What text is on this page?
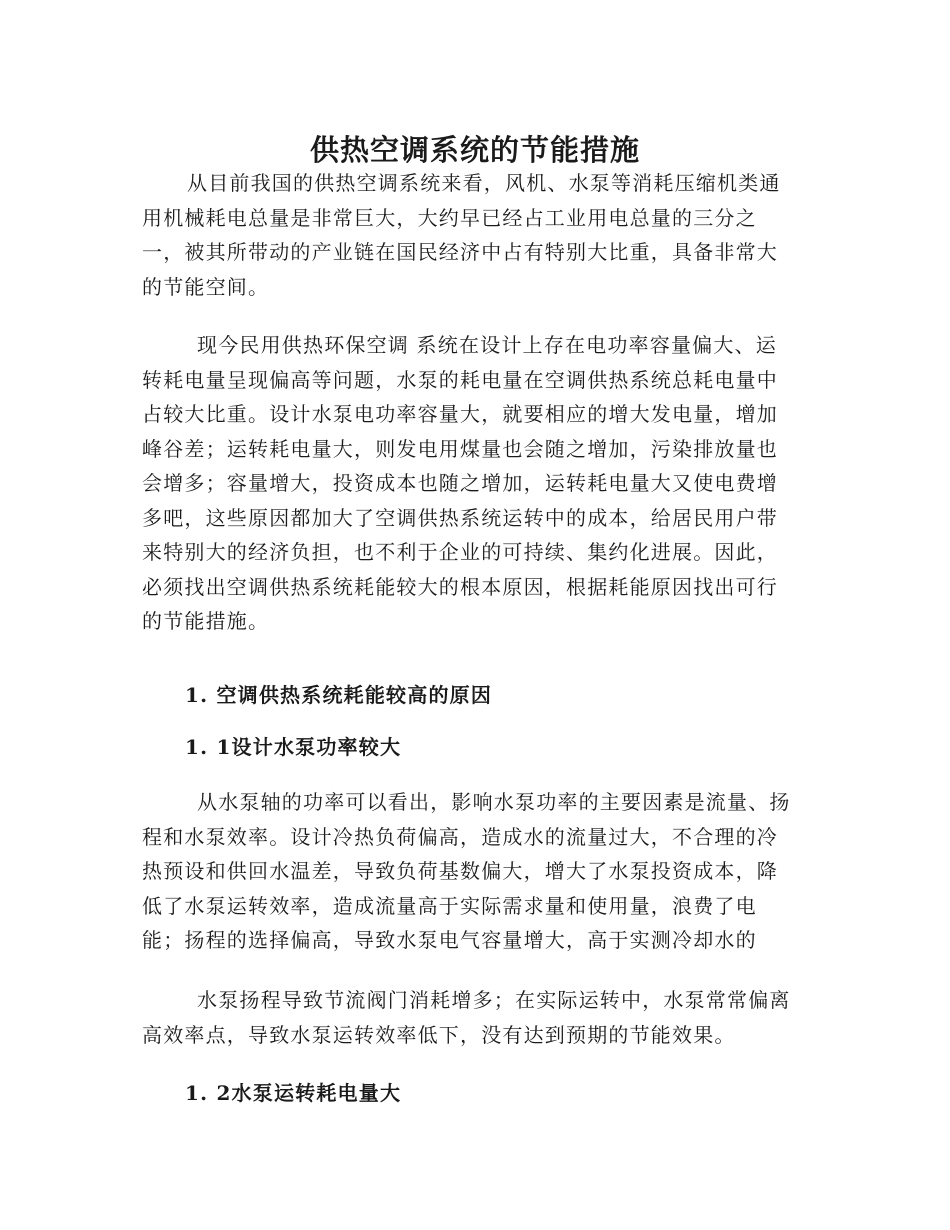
供热空调系统的节能措施

从目前我国的供热空调系统来看，风机、水泵等消耗压缩机类通
用机械耗电总量是非常巨大，大约早已经占工业用电总量的三分之
一，被其所带动的产业链在国民经济中占有特别大比重，具备非常大
的节能空间。

现今民用供热环保空调 系统在设计上存在电功率容量偏大、运
转耗电量呈现偏高等问题，水泵的耗电量在空调供热系统总耗电量中
占较大比重。设计水泵电功率容量大，就要相应的增大发电量，增加
峰谷差；运转耗电量大，则发电用煤量也会随之增加，污染排放量也
会增多；容量增大，投资成本也随之增加，运转耗电量大又使电费增
多吧，这些原因都加大了空调供热系统运转中的成本，给居民用户带
来特别大的经济负担，也不利于企业的可持续、集约化进展。因此，
必须找出空调供热系统耗能较大的根本原因，根据耗能原因找出可行
的节能措施。

1. 空调供热系统耗能较高的原因
1. 1设计水泵功率较大

从水泵轴的功率可以看出，影响水泵功率的主要因素是流量、扬
程和水泵效率。设计冷热负荷偏高，造成水的流量过大，不合理的冷
热预设和供回水温差，导致负荷基数偏大，增大了水泵投资成本，降
低了水泵运转效率，造成流量高于实际需求量和使用量，浪费了电
能；扬程的选择偏高，导致水泵电气容量增大，高于实测冷却水的

水泵扬程导致节流阀门消耗增多；在实际运转中，水泵常常偏离
高效率点，导致水泵运转效率低下，没有达到预期的节能效果。

1. 2水泵运转耗电量大
